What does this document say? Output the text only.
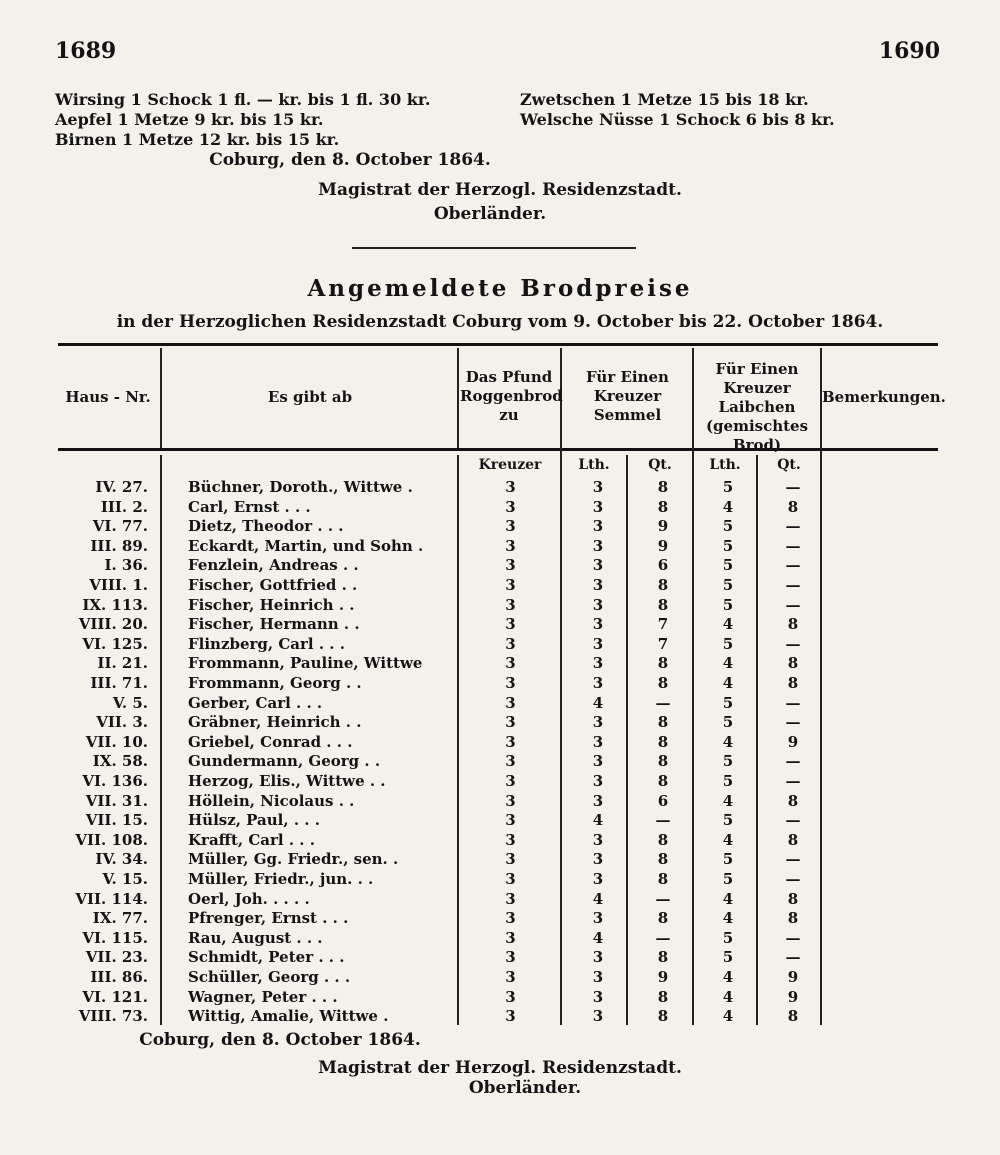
1689	1690
Wirsing 1 Schock 1 fl. — kr. bis 1 fl. 30 kr.
Aepfel 1 Metze 9 kr. bis 15 kr.
Birnen 1 Metze 12 kr. bis 15 kr.
Zwetschen 1 Metze 15 bis 18 kr.
Welsche Nüsse 1 Schock 6 bis 8 kr.
Coburg, den 8. October 1864.
Magistrat der Herzogl. Residenzstadt.
Oberländer.
Angemeldete Brodpreise
in der Herzoglichen Residenzstadt Coburg vom 9. October bis 22. October 1864.
Haus - Nr.	Es gibt ab
Das Pfund Roggenbrod zu
Für Einen Kreuzer Semmel
Für Einen Kreuzer Laibchen (gemischtes Brod)
Bemerkungen.
Kreuzer	Lth.	Qt.	Lth.	Qt.
IV. 27.	Büchner, Doroth., Wittwe .	3	3	8	5	—
III. 2.	Carl, Ernst . . .	3	3	8	4	8
VI. 77.	Dietz, Theodor . . .	3	3	9	5	—
III. 89.	Eckardt, Martin, und Sohn .	3	3	9	5	—
I. 36.	Fenzlein, Andreas . .	3	3	6	5	—
VIII. 1.	Fischer, Gottfried . .	3	3	8	5	—
IX. 113.	Fischer, Heinrich . .	3	3	8	5	—
VIII. 20.	Fischer, Hermann . .	3	3	7	4	8
VI. 125.	Flinzberg, Carl . . .	3	3	7	5	—
II. 21.	Frommann, Pauline, Wittwe	3	3	8	4	8
III. 71.	Frommann, Georg . .	3	3	8	4	8
V. 5.	Gerber, Carl . . .	3	4	—	5	—
VII. 3.	Gräbner, Heinrich . .	3	3	8	5	—
VII. 10.	Griebel, Conrad . . .	3	3	8	4	9
IX. 58.	Gundermann, Georg . .	3	3	8	5	—
VI. 136.	Herzog, Elis., Wittwe . .	3	3	8	5	—
VII. 31.	Höllein, Nicolaus . .	3	3	6	4	8
VII. 15.	Hülsz, Paul, . . .	3	4	—	5	—
VII. 108.	Krafft, Carl . . .	3	3	8	4	8
IV. 34.	Müller, Gg. Friedr., sen. .	3	3	8	5	—
V. 15.	Müller, Friedr., jun. . .	3	3	8	5	—
VII. 114.	Oerl, Joh. . . . .	3	4	—	4	8
IX. 77.	Pfrenger, Ernst . . .	3	3	8	4	8
VI. 115.	Rau, August . . .	3	4	—	5	—
VII. 23.	Schmidt, Peter . . .	3	3	8	5	—
III. 86.	Schüller, Georg . . .	3	3	9	4	9
VI. 121.	Wagner, Peter . . .	3	3	8	4	9
VIII. 73.	Wittig, Amalie, Wittwe .	3	3	8	4	8
Coburg, den 8. October 1864.
Magistrat der Herzogl. Residenzstadt.
Oberländer.
